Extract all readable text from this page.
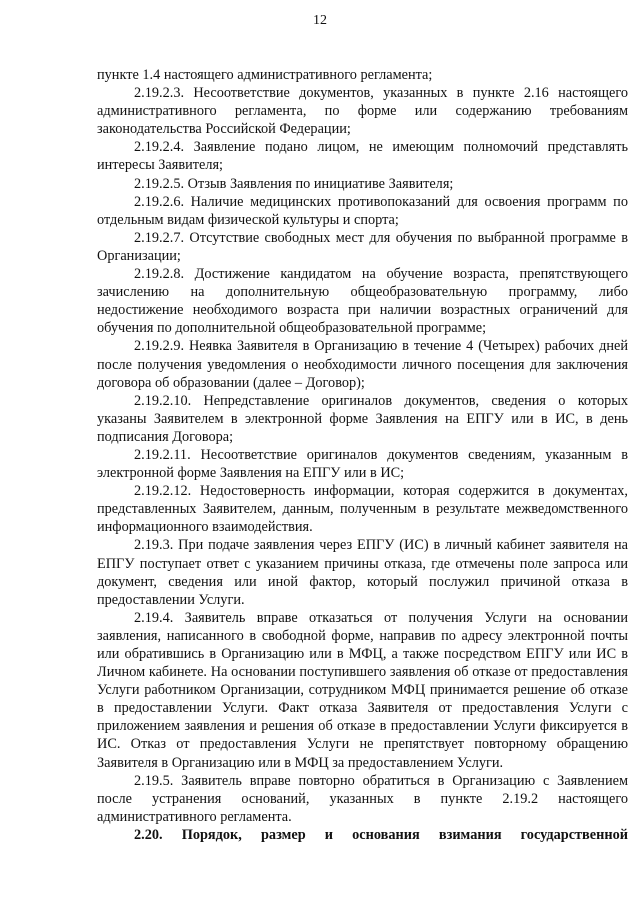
12

пункте 1.4 настоящего административного регламента;

2.19.2.3. Несоответствие документов, указанных в пункте 2.16 настоящего административного регламента, по форме или содержанию требованиям законодательства Российской Федерации;

2.19.2.4. Заявление подано лицом, не имеющим полномочий представлять интересы Заявителя;

2.19.2.5. Отзыв Заявления по инициативе Заявителя;

2.19.2.6. Наличие медицинских противопоказаний для освоения программ по отдельным видам физической культуры и спорта;

2.19.2.7. Отсутствие свободных мест для обучения по выбранной программе в Организации;

2.19.2.8. Достижение кандидатом на обучение возраста, препятствующего зачислению на дополнительную общеобразовательную программу, либо недостижение необходимого возраста при наличии возрастных ограничений для обучения по дополнительной общеобразовательной программе;

2.19.2.9. Неявка Заявителя в Организацию в течение 4 (Четырех) рабочих дней после получения уведомления о необходимости личного посещения для заключения договора об образовании (далее – Договор);

2.19.2.10. Непредставление оригиналов документов, сведения о которых указаны Заявителем в электронной форме Заявления на ЕПГУ или в ИС, в день подписания Договора;

2.19.2.11. Несоответствие оригиналов документов сведениям, указанным в электронной форме Заявления на ЕПГУ или в ИС;

2.19.2.12. Недостоверность информации, которая содержится в документах, представленных Заявителем, данным, полученным в результате межведомственного информационного взаимодействия.

2.19.3. При подаче заявления через ЕПГУ (ИС) в личный кабинет заявителя на ЕПГУ поступает ответ с указанием причины отказа, где отмечены поле запроса или документ, сведения или иной фактор, который послужил причиной отказа в предоставлении Услуги.

2.19.4. Заявитель вправе отказаться от получения Услуги на основании заявления, написанного в свободной форме, направив по адресу электронной почты или обратившись в Организацию или в МФЦ, а также посредством ЕПГУ или ИС в Личном кабинете. На основании поступившего заявления об отказе от предоставления Услуги работником Организации, сотрудником МФЦ принимается решение об отказе в предоставлении Услуги. Факт отказа Заявителя от предоставления Услуги с приложением заявления и решения об отказе в предоставлении Услуги фиксируется в ИС. Отказ от предоставления Услуги не препятствует повторному обращению Заявителя в Организацию или в МФЦ за предоставлением Услуги.

2.19.5. Заявитель вправе повторно обратиться в Организацию с Заявлением после устранения оснований, указанных в пункте 2.19.2 настоящего административного регламента.

2.20. Порядок, размер и основания взимания государственной
